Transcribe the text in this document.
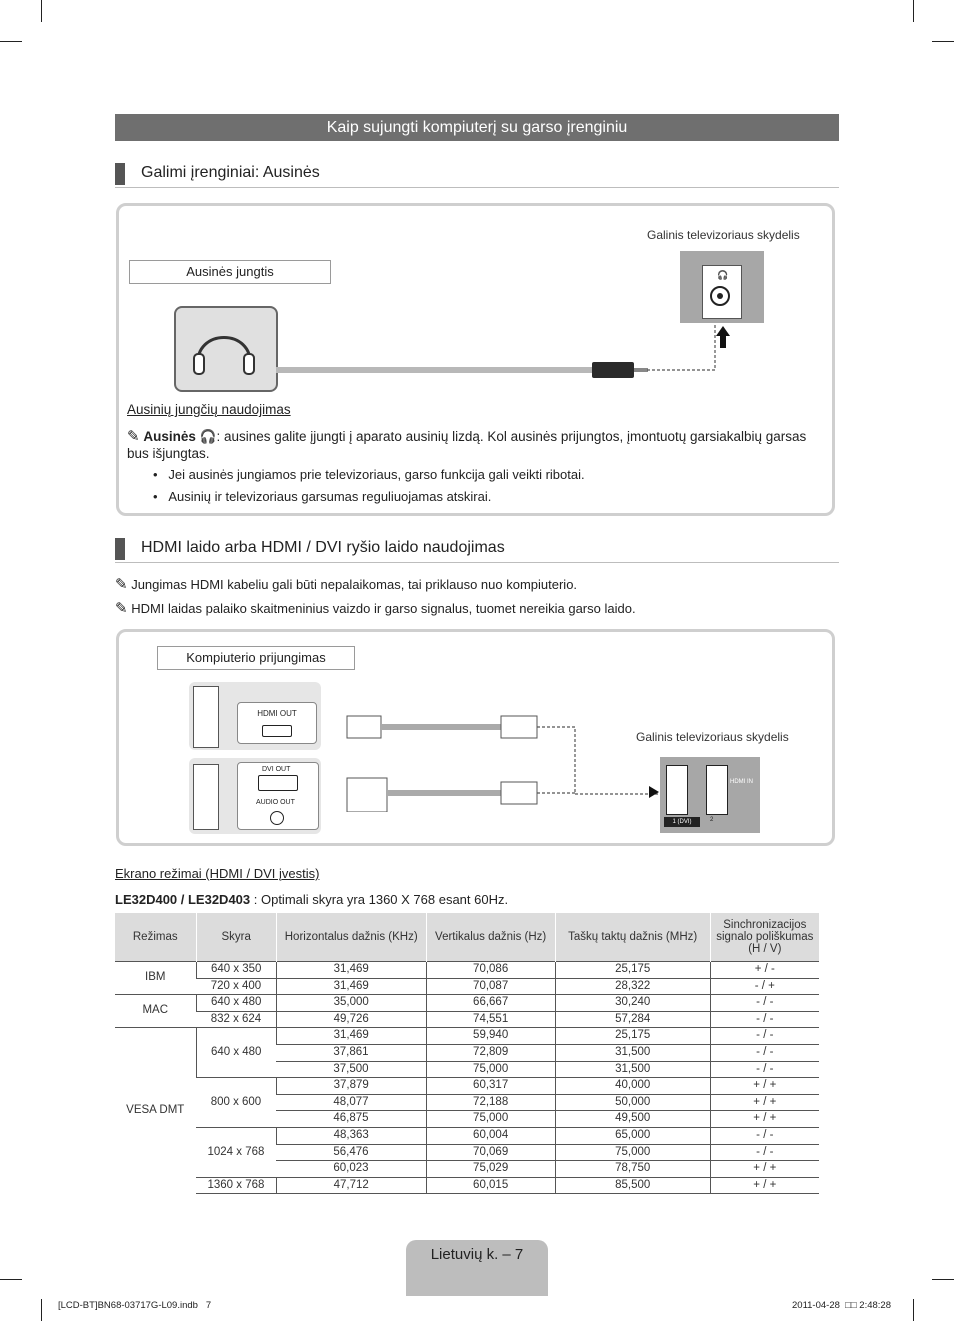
Kaip sujungti kompiuterį su garso įrenginiu
Galimi įrenginiai: Ausinės
Ausinės jungtis
Galinis televizoriaus skydelis
🎧
Ausinių jungčių naudojimas
✎ Ausinės 🎧: ausines galite įjungti į aparato ausinių lizdą. Kol ausinės prijungtos, įmontuotų garsiakalbių garsas bus išjungtas.
•   Jei ausinės jungiamos prie televizoriaus, garso funkcija gali veikti ribotai.
•   Ausinių ir televizoriaus garsumas reguliuojamas atskirai.
HDMI laido arba HDMI / DVI ryšio laido naudojimas
✎ Jungimas HDMI kabeliu gali būti nepalaikomas, tai priklauso nuo kompiuterio.
✎ HDMI laidas palaiko skaitmeninius vaizdo ir garso signalus, tuomet nereikia garso laido.
Kompiuterio prijungimas
HDMI OUT
DVI OUT
AUDIO OUT
Galinis televizoriaus skydelis
HDMI IN
1 (DVI)	2
Ekrano režimai (HDMI / DVI įvestis)
LE32D400 / LE32D403 : Optimali skyra yra 1360 X 768 esant 60Hz.
Režimas	Skyra	Horizontalus dažnis (KHz)	Vertikalus dažnis (Hz)	Taškų taktų dažnis (MHz)	Sinchronizacijos signalo poliškumas (H / V)
IBM	640 x 350	31,469	70,086	25,175	+ / -
	720 x 400	31,469	70,087	28,322	- / +
MAC	640 x 480	35,000	66,667	30,240	- / -
	832 x 624	49,726	74,551	57,284	- / -
VESA DMT	640 x 480	31,469	59,940	25,175	- / -
		37,861	72,809	31,500	- / -
		37,500	75,000	31,500	- / -
	800 x 600	37,879	60,317	40,000	+ / +
		48,077	72,188	50,000	+ / +
		46,875	75,000	49,500	+ / +
	1024 x 768	48,363	60,004	65,000	- / -
		56,476	70,069	75,000	- / -
		60,023	75,029	78,750	+ / +
	1360 x 768	47,712	60,015	85,500	+ / +
Lietuvių k. – 7
[LCD-BT]BN68-03717G-L09.indb   7	2011-04-28 □□ 2:48:28
